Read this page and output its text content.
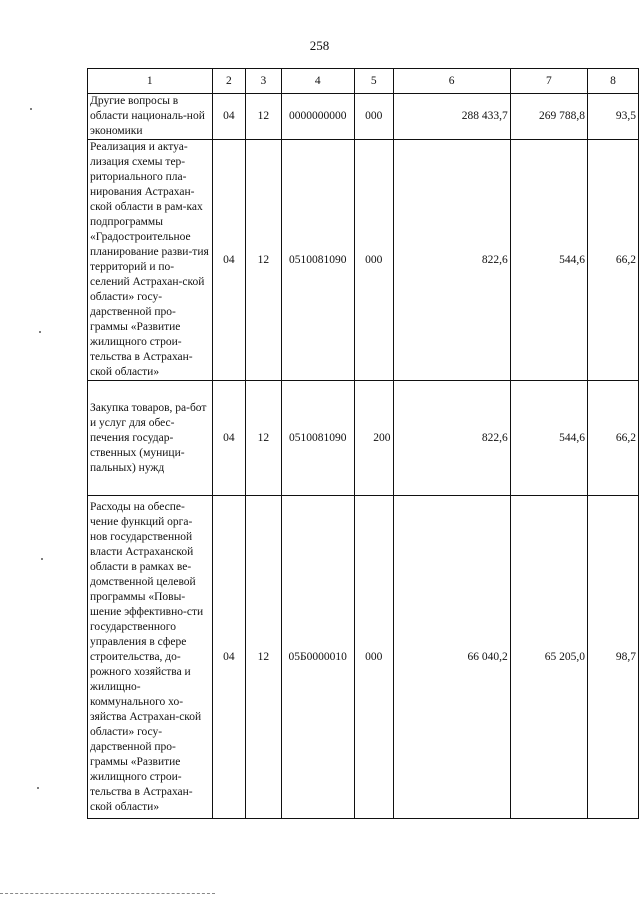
258
1	2	3	4	5	6	7	8
Другие вопросы в области националь-ной экономики	04	12	0000000000	000	288 433,7	269 788,8	93,5
Реализация и актуа-лизация схемы тер-риториального пла-нирования Астрахан-ской области в рам-ках подпрограммы «Градостроительное планирование разви-тия территорий и по-селений Астрахан-ской области» госу-дарственной про-граммы «Развитие жилищного строи-тельства в Астрахан-ской области»	04	12	0510081090	000	822,6	544,6	66,2
Закупка товаров, ра-бот и услуг для обес-печения государ-ственных (муници-пальных) нужд	04	12	0510081090	200	822,6	544,6	66,2
Расходы на обеспе-чение функций орга-нов государственной власти Астраханской области в рамках ве-домственной целевой программы «Повы-шение эффективно-сти государственного управления в сфере строительства, до-рожного хозяйства и жилищно-коммунального хо-зяйства Астрахан-ской области» госу-дарственной про-граммы «Развитие жилищного строи-тельства в Астрахан-ской области»	04	12	05Б0000010	000	66 040,2	65 205,0	98,7
